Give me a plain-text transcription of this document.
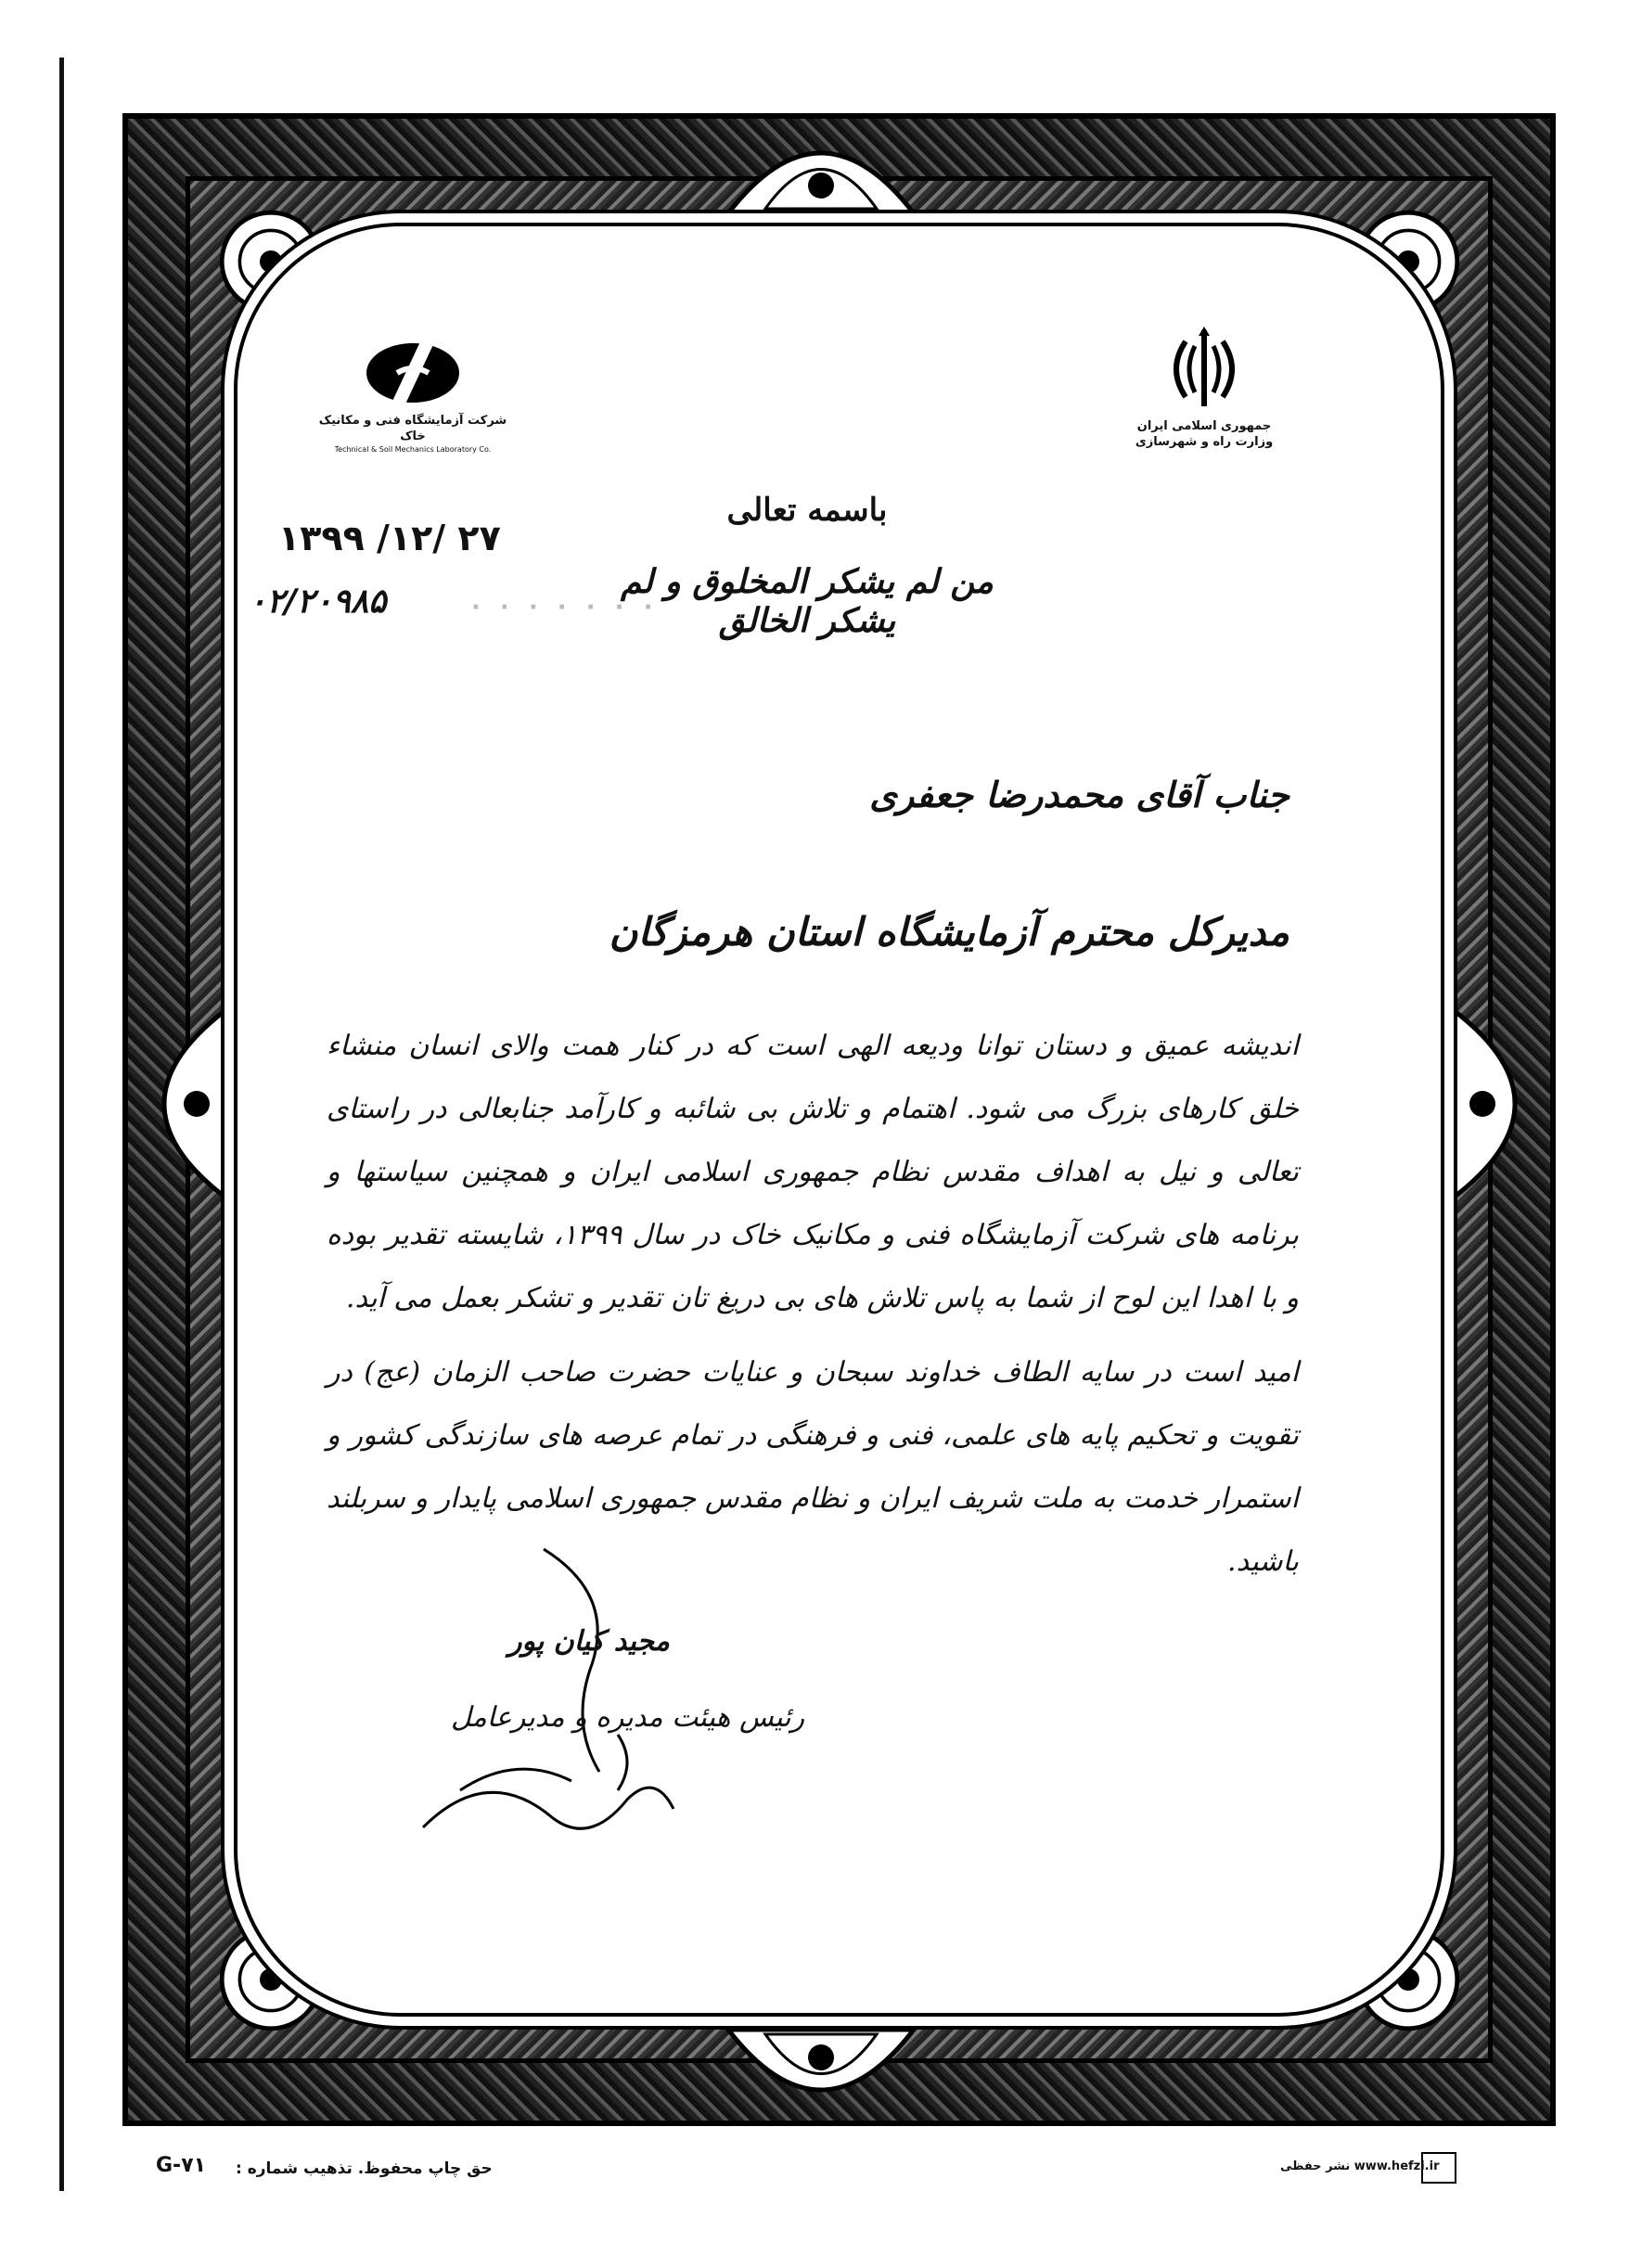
جمهوری اسلامی ایران
وزارت راه و شهرسازی
شرکت آزمایشگاه فنی و مکانیک خاک
Technical & Soil Mechanics Laboratory Co.
۱۳۹۹ /۱۲/ ۲۷
۰۲/۲۰۹۸۵	· · · · · · ·
باسمه تعالی
من لم یشکر المخلوق و لم یشکر الخالق
جناب آقای محمدرضا جعفری
مدیرکل محترم آزمایشگاه استان هرمزگان

اندیشه عمیق و دستان توانا ودیعه الهی است که در کنار همت والای انسان منشاء خلق کارهای بزرگ می شود. اهتمام و تلاش بی شائبه و کارآمد جنابعالی در راستای تعالی و نیل به اهداف مقدس نظام جمهوری اسلامی ایران و همچنین سیاستها و برنامه های شرکت آزمایشگاه فنی و مکانیک خاک در سال ۱۳۹۹، شایسته تقدیر بوده و با اهدا این لوح از شما به پاس تلاش های بی دریغ تان تقدیر و تشکر بعمل می آید.

امید است در سایه الطاف خداوند سبحان و عنایات حضرت صاحب الزمان (عج) در تقویت و تحکیم پایه های علمی، فنی و فرهنگی در تمام عرصه های سازندگی کشور و استمرار خدمت به ملت شریف ایران و نظام مقدس جمهوری اسلامی پایدار و سربلند باشید.

مجید کیان پور
رئیس هیئت مدیره و مدیرعامل
G-۷۱ حق چاپ محفوظ. تذهیب شماره :	www.hefzi.ir نشر حفظی
